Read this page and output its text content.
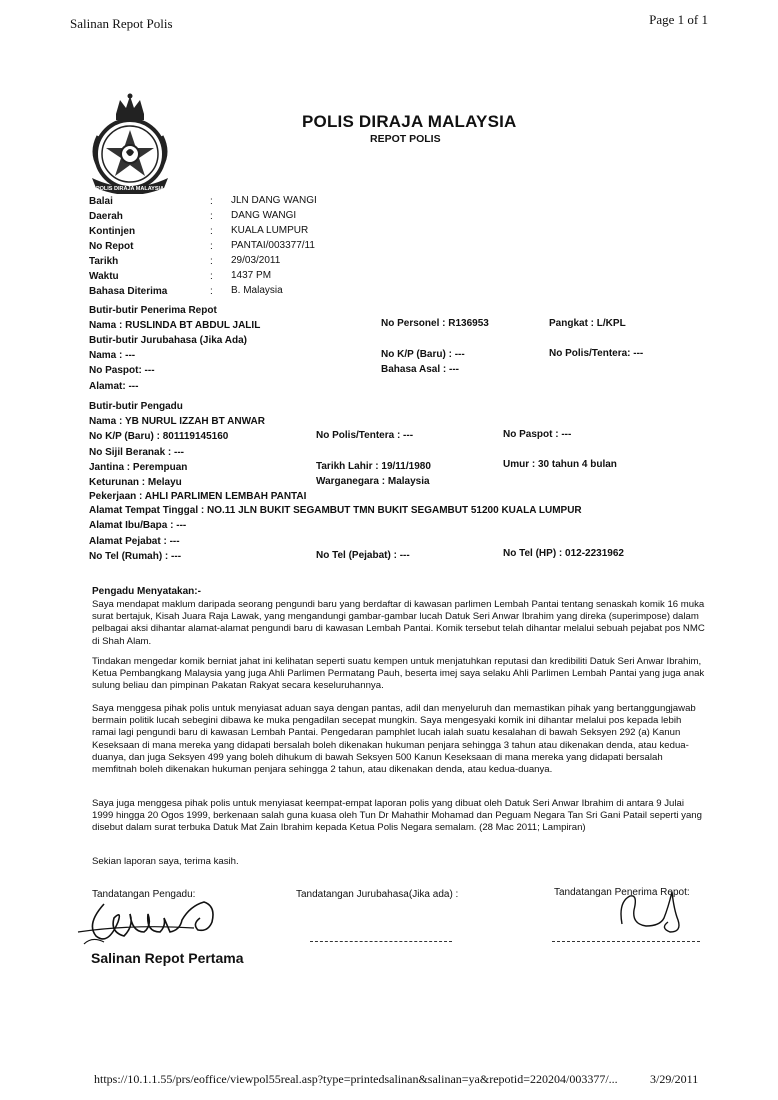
Salinan Repot Polis	Page 1 of 1
POLIS DIRAJA MALAYSIA
POLIS DIRAJA MALAYSIA
REPOT POLIS
Balai	: JLN DANG WANGI
Daerah	: DANG WANGI
Kontinjen	: KUALA LUMPUR
No Repot	: PANTAI/003377/11
Tarikh	: 29/03/2011
Waktu	: 1437 PM
Bahasa Diterima	: B. Malaysia
Butir-butir Penerima Repot
Nama : RUSLINDA BT ABDUL JALIL	No Personel : R136953	Pangkat : L/KPL
Butir-butir Jurubahasa (Jika Ada)
Nama : ---	No K/P (Baru) : ---	No Polis/Tentera: ---
No Paspot: ---	Bahasa Asal : ---
Alamat: ---
Butir-butir Pengadu
Nama : YB NURUL IZZAH BT ANWAR
No K/P (Baru) : 801119145160	No Polis/Tentera : ---	No Paspot : ---
No Sijil Beranak : ---
Jantina : Perempuan	Tarikh Lahir : 19/11/1980	Umur : 30 tahun 4 bulan
Keturunan : Melayu	Warganegara : Malaysia
Pekerjaan : AHLI PARLIMEN LEMBAH PANTAI
Alamat Tempat Tinggal : NO.11 JLN BUKIT SEGAMBUT TMN BUKIT SEGAMBUT 51200 KUALA LUMPUR
Alamat Ibu/Bapa : ---
Alamat Pejabat : ---
No Tel (Rumah) : ---	No Tel (Pejabat) : ---	No Tel (HP) : 012-2231962
Pengadu Menyatakan:-
Saya mendapat maklum daripada seorang pengundi baru yang berdaftar di kawasan parlimen Lembah Pantai tentang senaskah komik 16 muka surat bertajuk, Kisah Juara Raja Lawak, yang mengandungi gambar-gambar lucah Datuk Seri Anwar Ibrahim yang direka (superimpose) dalam pelbagai aksi dihantar alamat-alamat pengundi baru di kawasan Lembah Pantai. Komik tersebut telah dihantar melalui sebuah pejabat pos NMC di Shah Alam.
Tindakan mengedar komik berniat jahat ini kelihatan seperti suatu kempen untuk menjatuhkan reputasi dan kredibiliti Datuk Seri Anwar Ibrahim, Ketua Pembangkang Malaysia yang juga Ahli Parlimen Permatang Pauh, beserta imej saya selaku Ahli Parlimen Lembah Pantai yang juga anak sulung beliau dan pimpinan Pakatan Rakyat secara keseluruhannya.
Saya menggesa pihak polis untuk menyiasat aduan saya dengan pantas, adil dan menyeluruh dan memastikan pihak yang bertanggungjawab bermain politik lucah sebegini dibawa ke muka pengadilan secepat mungkin. Saya mengesyaki komik ini dihantar melalui pos kepada lebih ramai lagi pengundi baru di kawasan Lembah Pantai. Pengedaran pamphlet lucah ialah suatu kesalahan di bawah Seksyen 292 (a) Kanun Keseksaan di mana mereka yang didapati bersalah boleh dikenakan hukuman penjara sehingga 3 tahun atau dikenakan denda, atau kedua-duanya, dan juga Seksyen 499 yang boleh dihukum di bawah Seksyen 500 Kanun Keseksaan di mana mereka yang didapati bersalah memfitnah boleh dikenakan hukuman penjara sehingga 2 tahun, atau dikenakan denda, atau kedua-duanya.
Saya juga menggesa pihak polis untuk menyiasat keempat-empat laporan polis yang dibuat oleh Datuk Seri Anwar Ibrahim di antara 9 Julai 1999 hingga 20 Ogos 1999, berkenaan salah guna kuasa oleh Tun Dr Mahathir Mohamad dan Peguam Negara Tan Sri Gani Patail seperti yang disebut dalam surat terbuka Datuk Mat Zain Ibrahim kepada Ketua Polis Negara semalam. (28 Mac 2011; Lampiran)
Sekian laporan saya, terima kasih.
Tandatangan Pengadu:	Tandatangan Jurubahasa(Jika ada) :	Tandatangan Penerima Repot:
Salinan Repot Pertama
https://10.1.1.55/prs/eoffice/viewpol55real.asp?type=printedsalinan&salinan=ya&repotid=220204/003377/...	3/29/2011
